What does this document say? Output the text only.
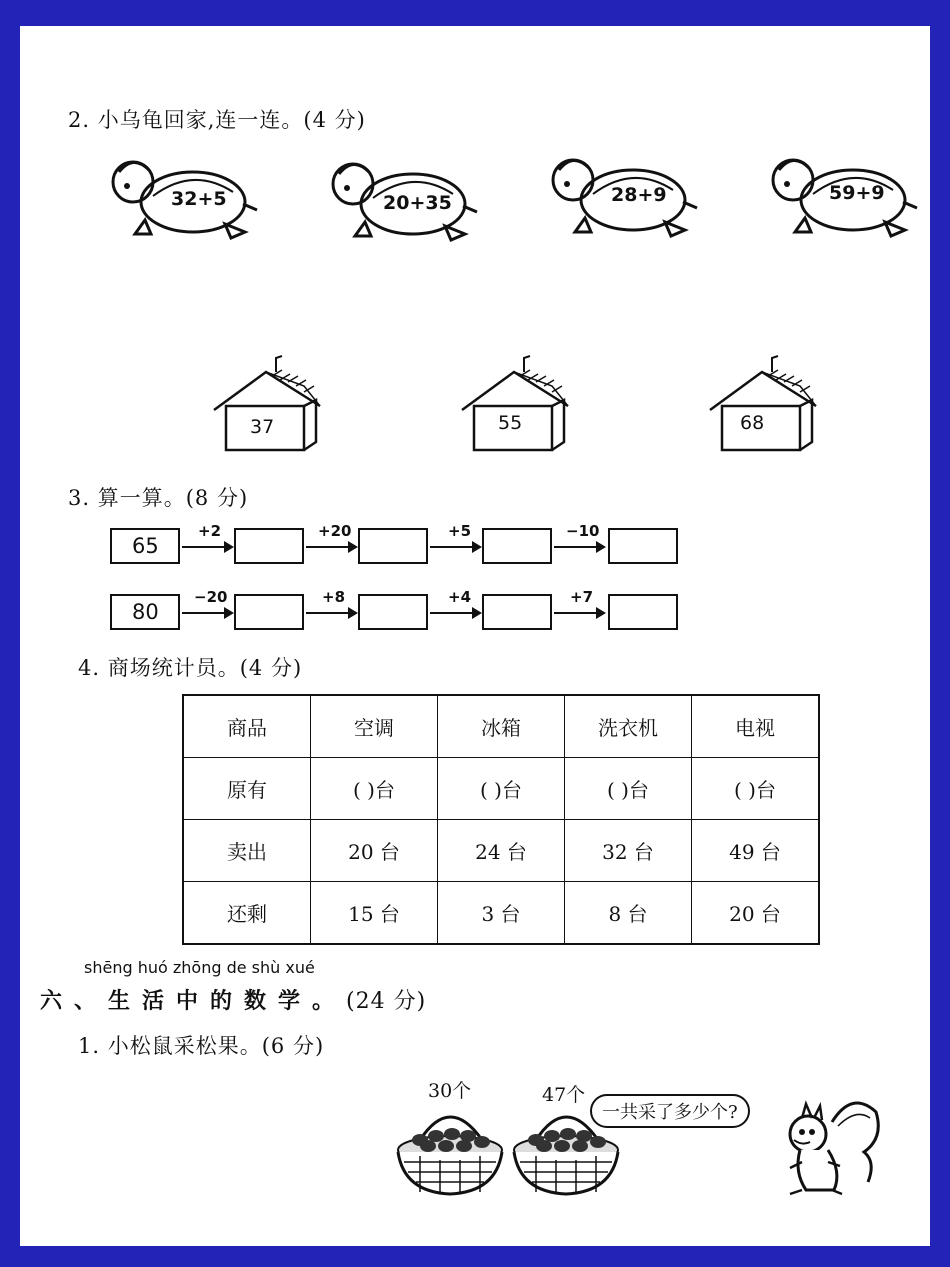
2. 小乌龟回家,连一连。(4 分)
32+5	20+35	28+9	59+9
37	55	68
3. 算一算。(8 分)
65
+2	+20	+5	−10
80
−20	+8	+4	+7
4. 商场统计员。(4 分)
商品	空调	冰箱	洗衣机	电视
原有	( )台	( )台	( )台	( )台
卖出	20 台	24 台	32 台	49 台
还剩	15 台	3 台	8 台	20 台
shēng huó zhōng de shù xué
六、生活中的数学。(24 分)
1. 小松鼠采松果。(6 分)
30个	47个
一共采了多少个?
